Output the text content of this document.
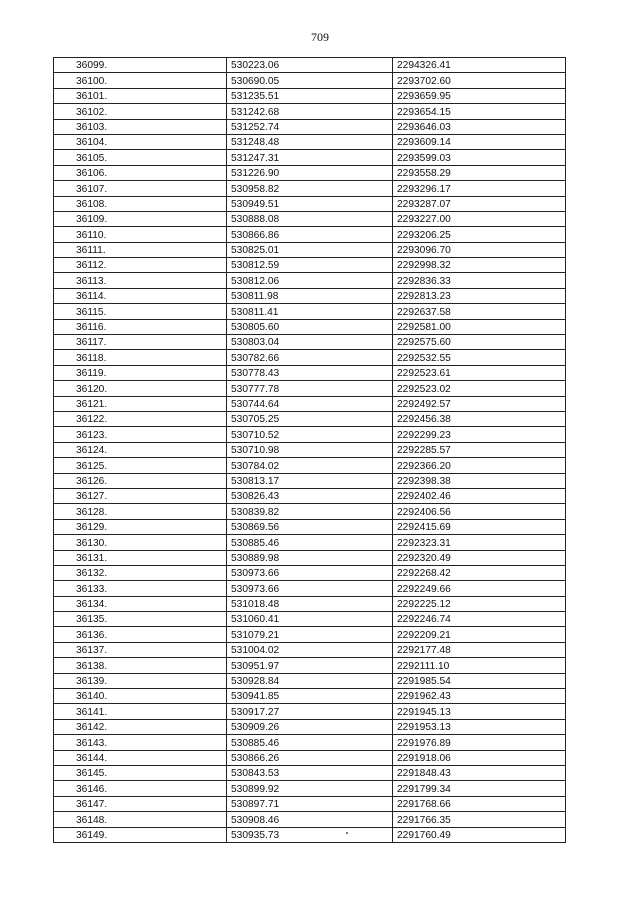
709
36099.	530223.06	2294326.41
36100.	530690.05	2293702.60
36101.	531235.51	2293659.95
36102.	531242.68	2293654.15
36103.	531252.74	2293646.03
36104.	531248.48	2293609.14
36105.	531247.31	2293599.03
36106.	531226.90	2293558.29
36107.	530958.82	2293296.17
36108.	530949.51	2293287.07
36109.	530888.08	2293227.00
36110.	530866.86	2293206.25
36111.	530825.01	2293096.70
36112.	530812.59	2292998.32
36113.	530812.06	2292836.33
36114.	530811.98	2292813.23
36115.	530811.41	2292637.58
36116.	530805.60	2292581.00
36117.	530803.04	2292575.60
36118.	530782.66	2292532.55
36119.	530778.43	2292523.61
36120.	530777.78	2292523.02
36121.	530744.64	2292492.57
36122.	530705.25	2292456.38
36123.	530710.52	2292299.23
36124.	530710.98	2292285.57
36125.	530784.02	2292366.20
36126.	530813.17	2292398.38
36127.	530826.43	2292402.46
36128.	530839.82	2292406.56
36129.	530869.56	2292415.69
36130.	530885.46	2292323.31
36131.	530889.98	2292320.49
36132.	530973.66	2292268.42
36133.	530973.66	2292249.66
36134.	531018.48	2292225.12
36135.	531060.41	2292246.74
36136.	531079.21	2292209.21
36137.	531004.02	2292177.48
36138.	530951.97	2292111.10
36139.	530928.84	2291985.54
36140.	530941.85	2291962.43
36141.	530917.27	2291945.13
36142.	530909.26	2291953.13
36143.	530885.46	2291976.89
36144.	530866.26	2291918.06
36145.	530843.53	2291848.43
36146.	530899.92	2291799.34
36147.	530897.71	2291768.66
36148.	530908.46	2291766.35
36149.	530935.73	2291760.49
